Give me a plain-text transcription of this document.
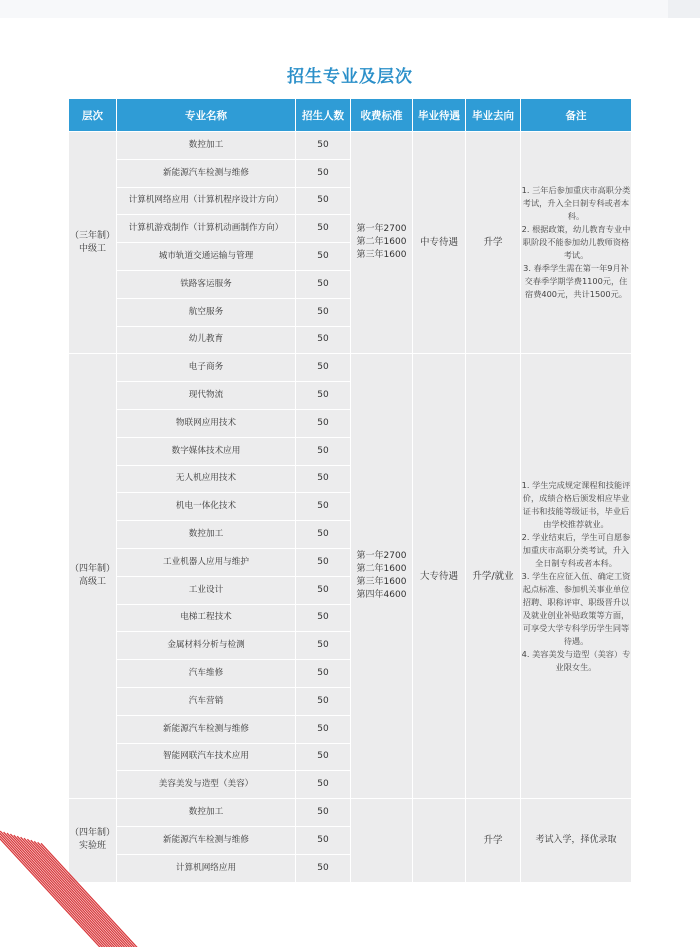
招生专业及层次
层次	专业名称	招生人数	收费标准	毕业待遇	毕业去向	备注
（三年制）
中级工	数控加工	50	第一年2700
第二年1600
第三年1600	中专待遇	升学	1. 三年后参加重庆市高职分类考试，升入全日制专科或者本科。
2. 根据政策，幼儿教育专业中职阶段不能参加幼儿教师资格考试。
3. 春季学生需在第一年9月补交春季学期学费1100元，住宿费400元，共计1500元。

	新能源汽车检测与维修	50				
	计算机网络应用（计算机程序设计方向）	50				
	计算机游戏制作（计算机动画制作方向）	50				
	城市轨道交通运输与管理	50				
	铁路客运服务	50				
	航空服务	50				
	幼儿教育	50				
（四年制）
高级工	电子商务	50	第一年2700
第二年1600
第三年1600
第四年4600	大专待遇	升学/就业	1. 学生完成规定课程和技能评价，成绩合格后颁发相应毕业证书和技能等级证书，毕业后由学校推荐就业。
2. 学业结束后，学生可自愿参加重庆市高职分类考试，升入全日制专科或者本科。
3. 学生在应征入伍、确定工资起点标准、参加机关事业单位招聘、职称评审、职级晋升以及就业创业补贴政策等方面，可享受大学专科学历学生同等待遇。
4. 美容美发与造型（美容）专业限女生。

	现代物流	50				
	物联网应用技术	50				
	数字媒体技术应用	50				
	无人机应用技术	50				
	机电一体化技术	50				
	数控加工	50				
	工业机器人应用与维护	50				
	工业设计	50				
	电梯工程技术	50				
	金属材料分析与检测	50				
	汽车维修	50				
	汽车营销	50				
	新能源汽车检测与维修	50				
	智能网联汽车技术应用	50				
	美容美发与造型（美容）	50				
（四年制）
实验班	数控加工	50			升学	考试入学，择优录取
	新能源汽车检测与维修	50				
	计算机网络应用	50				
